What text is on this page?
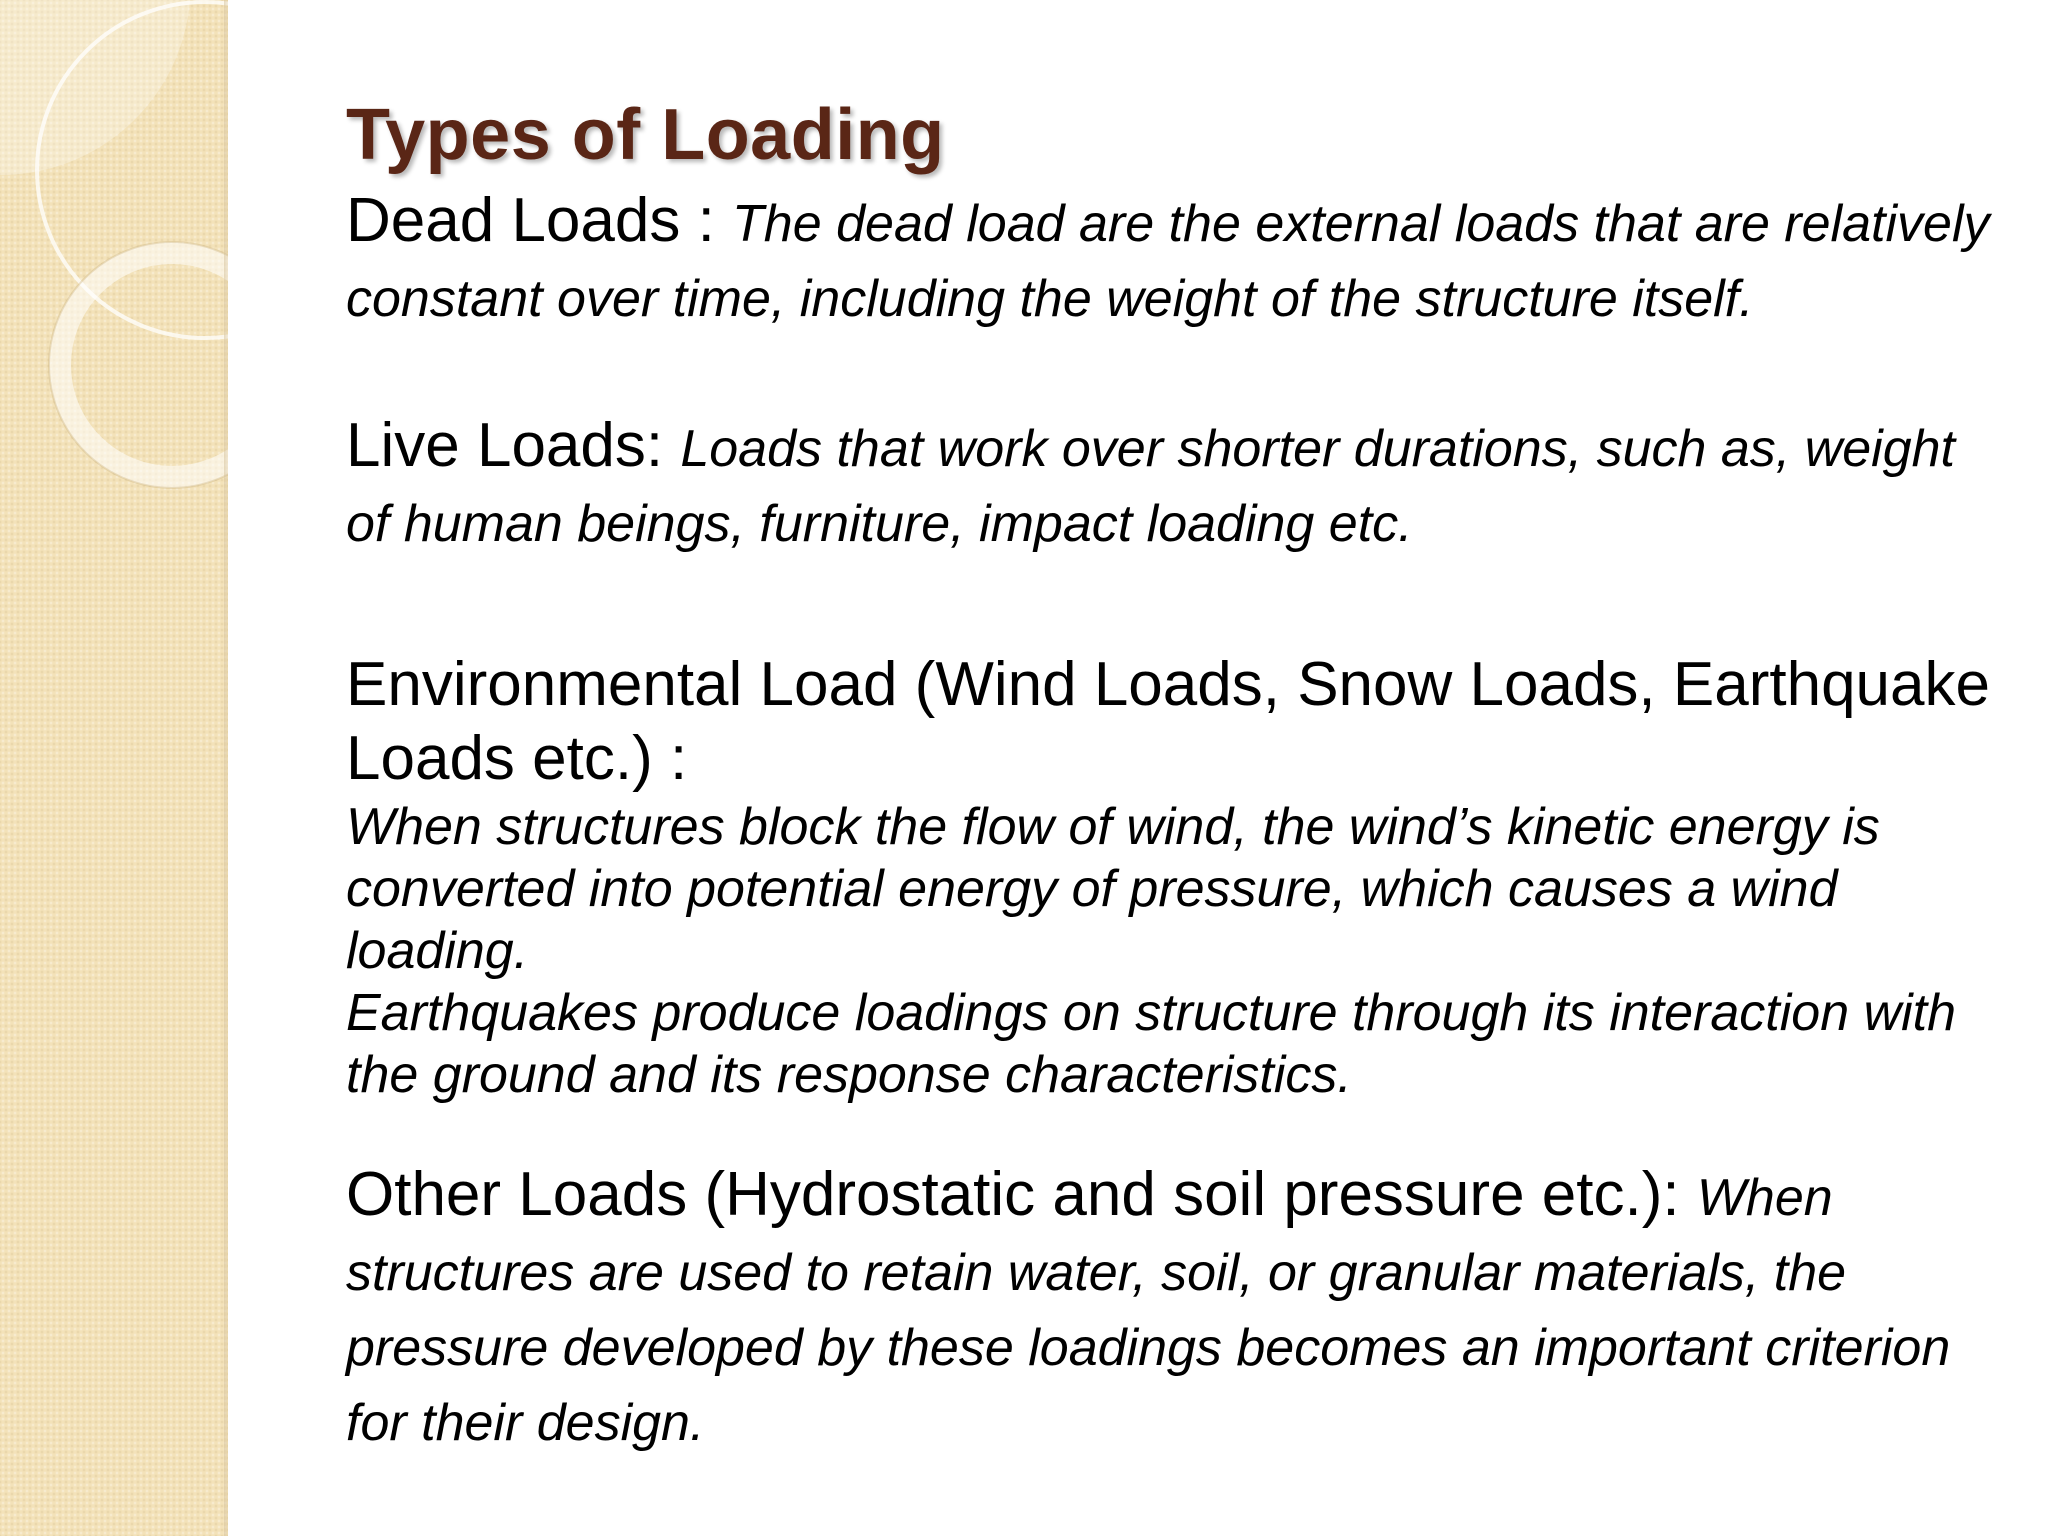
Types of Loading
Dead Loads : The dead load are the external loads that are relatively constant over time, including the weight of the structure itself.
Live Loads: Loads that work over shorter durations, such as, weight of human beings, furniture, impact loading etc.
Environmental Load (Wind Loads, Snow Loads, Earthquake Loads etc.) :
When structures block the flow of wind, the wind’s kinetic energy is converted into potential energy of pressure, which causes a wind loading.
Earthquakes produce loadings on structure through its interaction with the ground and its response characteristics.
Other Loads (Hydrostatic and soil pressure etc.): When structures are used to retain water, soil, or granular materials, the pressure developed by these loadings becomes an important criterion for their design.
